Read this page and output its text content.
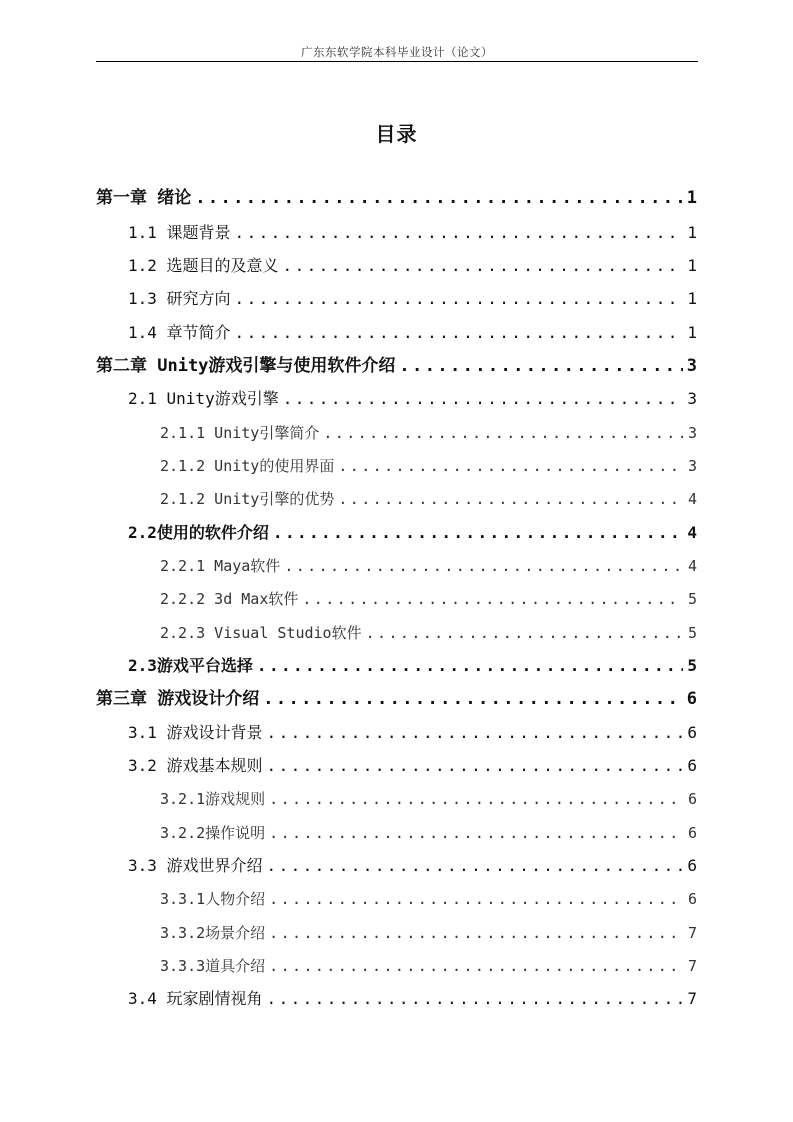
广东东软学院本科毕业设计（论文）
目录
第一章 绪论 .....	1
1.1 课题背景 .....	1
1.2 选题目的及意义 .....	1
1.3 研究方向 .....	1
1.4 章节简介 .....	1
第二章 Unity游戏引擎与使用软件介绍 .....	3
2.1 Unity游戏引擎 .....	3
2.1.1 Unity引擎简介 .....	3
2.1.2 Unity的使用界面 .....	3
2.1.2 Unity引擎的优势 .....	4
2.2使用的软件介绍 .....	4
2.2.1 Maya软件 .....	4
2.2.2 3d Max软件 .....	5
2.2.3 Visual Studio软件 .....	5
2.3游戏平台选择 .....	5
第三章 游戏设计介绍 .....	6
3.1 游戏设计背景 .....	6
3.2 游戏基本规则 .....	6
3.2.1游戏规则 .....	6
3.2.2操作说明 .....	6
3.3 游戏世界介绍 .....	6
3.3.1人物介绍 .....	6
3.3.2场景介绍 .....	7
3.3.3道具介绍 .....	7
3.4 玩家剧情视角 .....	7
